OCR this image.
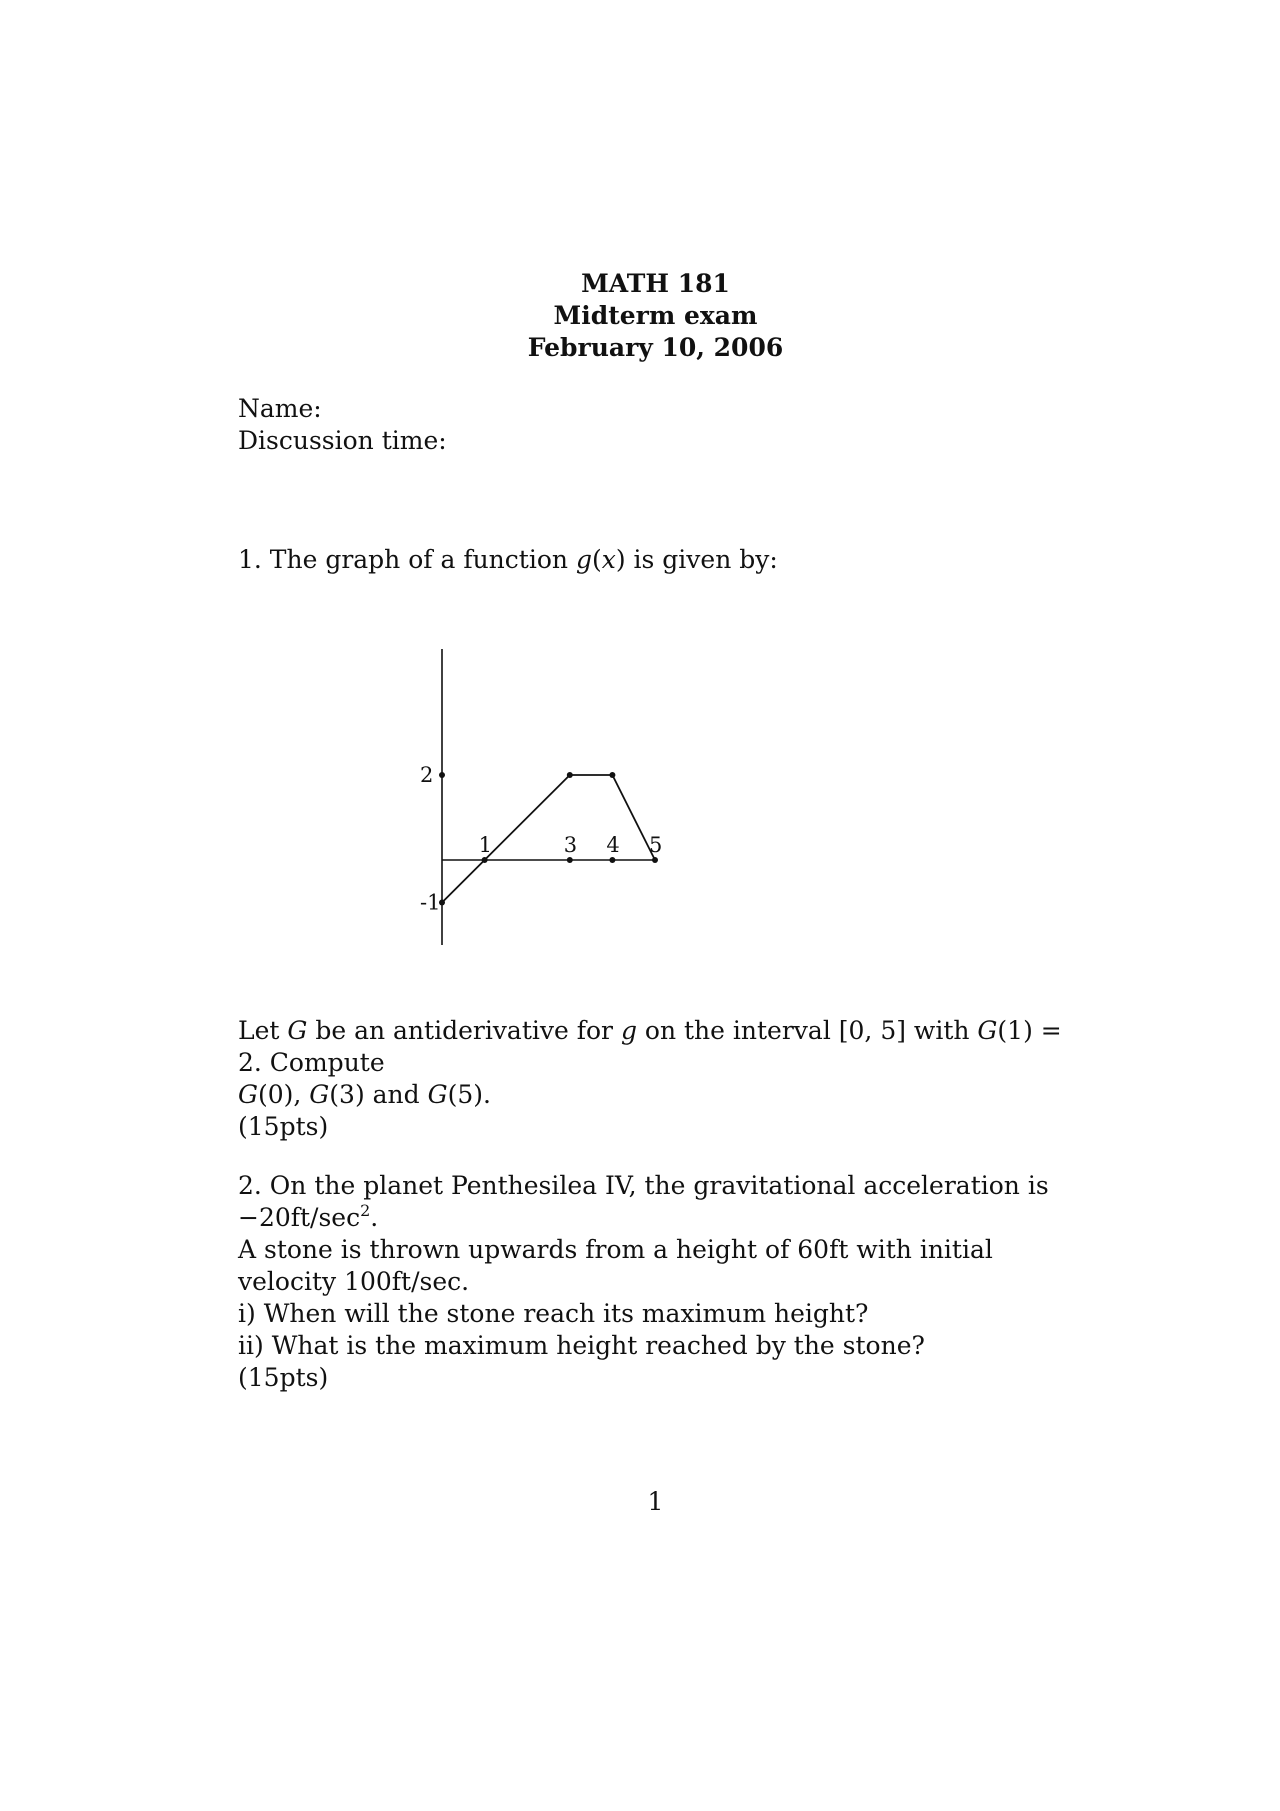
MATH 181
Midterm exam
February 10, 2006
Name:
Discussion time:
1. The graph of a function g(x) is given by:
1	3 4 5
2
-1
Let G be an antiderivative for g on the interval [0, 5] with G(1) = 2. Compute
G(0), G(3) and G(5).
(15pts)
2. On the planet Penthesilea IV, the gravitational acceleration is $-20ft/\sec^2$.
A stone is thrown upwards from a height of 60ft with initial velocity 100ft/sec.
i) When will the stone reach its maximum height?
ii) What is the maximum height reached by the stone?
(15pts)
1
